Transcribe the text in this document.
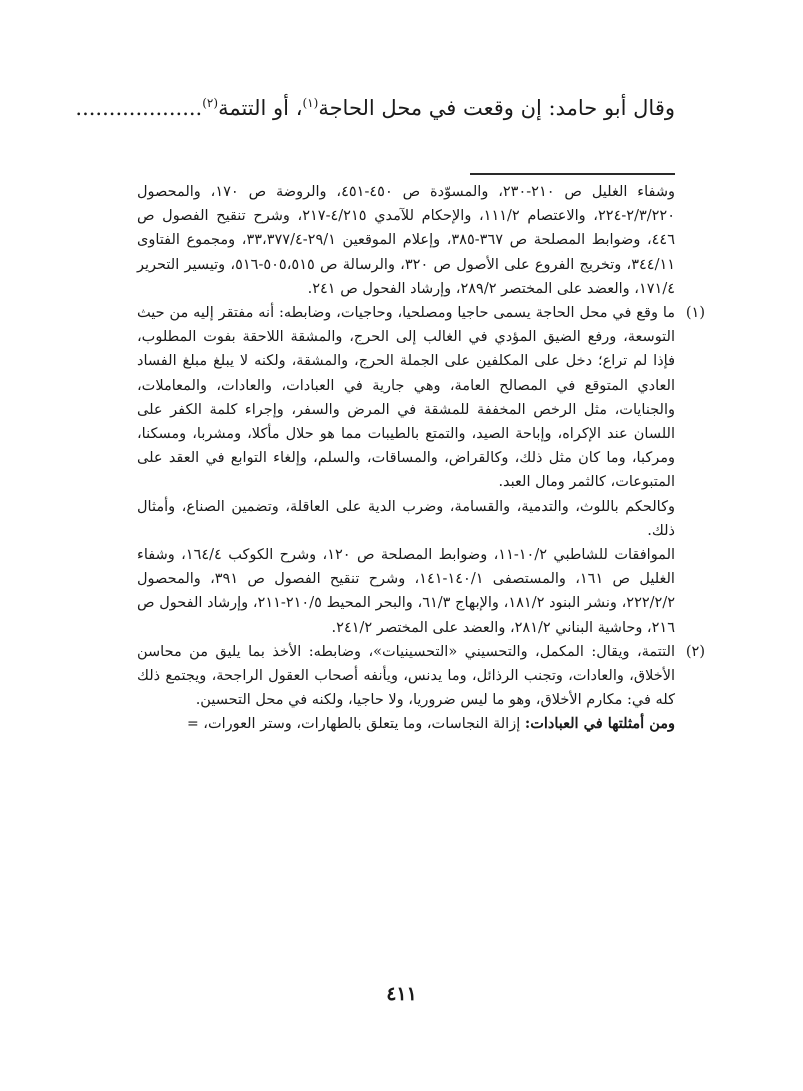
وقال أبو حامد: إن وقعت في محل الحاجة$^{(١)}$، أو التتمة$^{(٢)}$...................

وشفاء الغليل ص ٢١٠-٢٣٠، والمسوّدة ص ٤٥٠-٤٥١، والروضة ص ١٧٠، والمحصول ٢/٣/٢٢٠-٢٢٤، والاعتصام ١١١/٢، والإحكام للآمدي ٤/٢١٥-٢١٧، وشرح تنقيح الفصول ص ٤٤٦، وضوابط المصلحة ص ٣٦٧-٣٨٥، وإعلام الموقعين ٢٩/١-٣٣،٣٧٧/٤، ومجموع الفتاوى ٣٤٤/١١، وتخريج الفروع على الأصول ص ٣٢٠، والرسالة ص ٥٠٥،٥١٥-٥١٦، وتيسير التحرير ١٧١/٤، والعضد على المختصر ٢٨٩/٢، وإرشاد الفحول ص ٢٤١.

(١)

ما وقع في محل الحاجة يسمى حاجيا ومصلحيا، وحاجيات، وضابطه: أنه مفتقر إليه من حيث التوسعة، ورفع الضيق المؤدي في الغالب إلى الحرج، والمشقة اللاحقة بفوت المطلوب، فإذا لم تراع؛ دخل على المكلفين على الجملة الحرج، والمشقة، ولكنه لا يبلغ مبلغ الفساد العادي المتوقع في المصالح العامة، وهي جارية في العبادات، والعادات، والمعاملات، والجنايات، مثل الرخص المخففة للمشقة في المرض والسفر، وإجراء كلمة الكفر على اللسان عند الإكراه، وإباحة الصيد، والتمتع بالطيبات مما هو حلال مأكلا، ومشربا، ومسكنا، ومركبا، وما كان مثل ذلك، وكالقراض، والمساقات، والسلم، وإلغاء التوابع في العقد على المتبوعات، كالثمر ومال العبد.

وكالحكم باللوث، والتدمية، والقسامة، وضرب الدية على العاقلة، وتضمين الصناع، وأمثال ذلك.

الموافقات للشاطبي ١٠/٢-١١، وضوابط المصلحة ص ١٢٠، وشرح الكوكب ١٦٤/٤، وشفاء الغليل ص ١٦١، والمستصفى ١٤٠/١-١٤١، وشرح تنقيح الفصول ص ٣٩١، والمحصول ٢٢٢/٢/٢، ونشر البنود ١٨١/٢، والإبهاج ٦١/٣، والبحر المحيط ٢١٠/٥-٢١١، وإرشاد الفحول ص ٢١٦، وحاشية البناني ٢٨١/٢، والعضد على المختصر ٢٤١/٢.

(٢)

التتمة، ويقال: المكمل، والتحسيني «التحسينيات»، وضابطه: الأخذ بما يليق من محاسن الأخلاق، والعادات، وتجنب الرذائل، وما يدنس، ويأنفه أصحاب العقول الراجحة، ويجتمع ذلك كله في: مكارم الأخلاق، وهو ما ليس ضروريا، ولا حاجيا، ولكنه في محل التحسين.

ومن أمثلتها في العبادات: إزالة النجاسات، وما يتعلق بالطهارات، وستر العورات، =

٤١١
